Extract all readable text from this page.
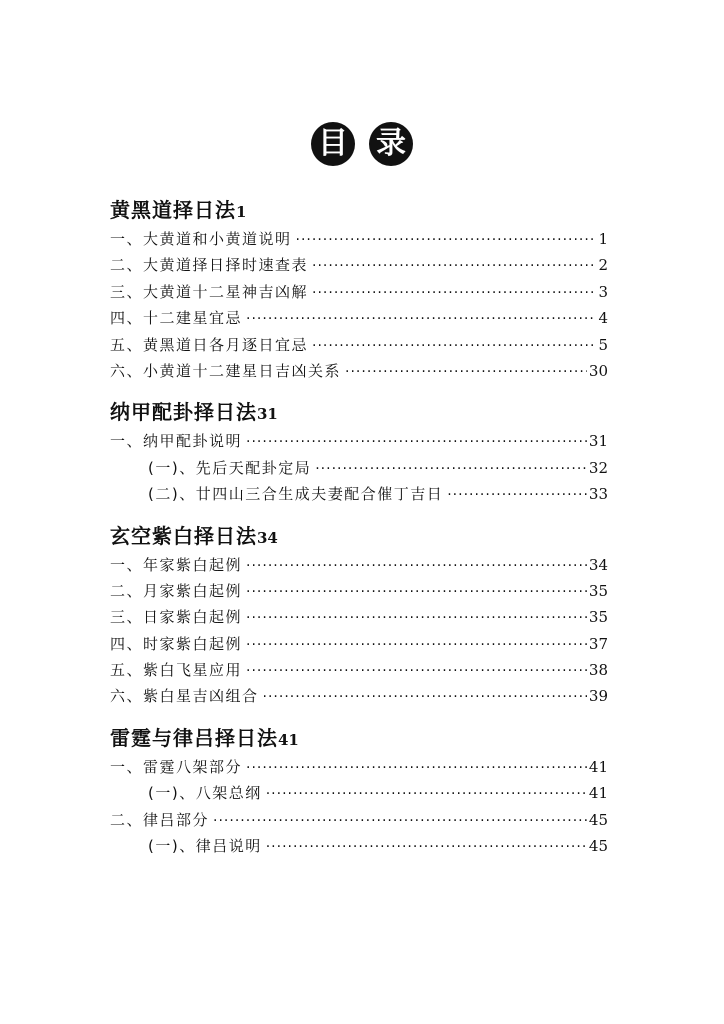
目 录
黄黑道择日法1
一、大黄道和小黄道说明 ·····	1
二、大黄道择日择时速查表 ·····	2
三、大黄道十二星神吉凶解 ·····	3
四、十二建星宜忌 ·····	4
五、黄黑道日各月逐日宜忌 ·····	5
六、小黄道十二建星日吉凶关系 ·····	30
纳甲配卦择日法31
一、纳甲配卦说明 ·····	31
(一)、先后天配卦定局 ·····	32
(二)、廿四山三合生成夫妻配合催丁吉日 ·····	33
玄空紫白择日法34
一、年家紫白起例 ·····	34
二、月家紫白起例 ·····	35
三、日家紫白起例 ·····	35
四、时家紫白起例 ·····	37
五、紫白飞星应用 ·····	38
六、紫白星吉凶组合 ·····	39
雷霆与律吕择日法41
一、雷霆八架部分 ·····	41
(一)、八架总纲 ·····	41
二、律吕部分 ·····	45
(一)、律吕说明 ·····	45
